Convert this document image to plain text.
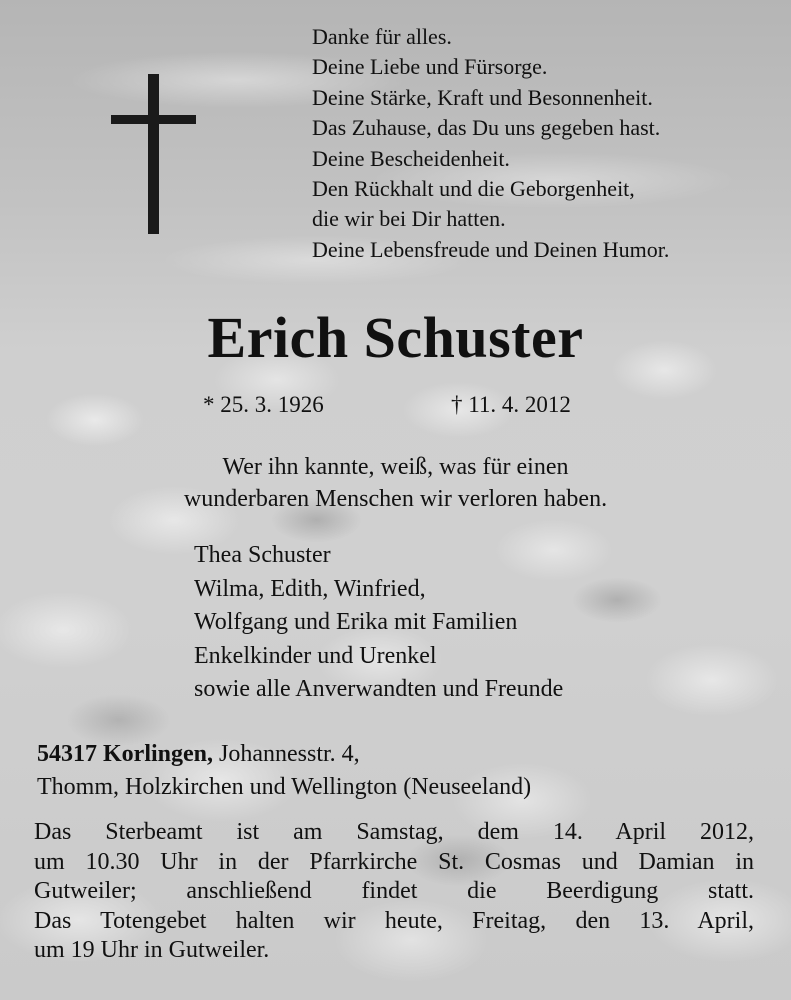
Danke für alles.
Deine Liebe und Fürsorge.
Deine Stärke, Kraft und Besonnenheit.
Das Zuhause, das Du uns gegeben hast.
Deine Bescheidenheit.
Den Rückhalt und die Geborgenheit,
die wir bei Dir hatten.
Deine Lebensfreude und Deinen Humor.
Erich Schuster
* 25. 3. 1926	† 11. 4. 2012
Wer ihn kannte, weiß, was für einen
wunderbaren Menschen wir verloren haben.
Thea Schuster
Wilma, Edith, Winfried,
Wolfgang und Erika mit Familien
Enkelkinder und Urenkel
sowie alle Anverwandten und Freunde
54317 Korlingen, Johannesstr. 4,
Thomm, Holzkirchen und Wellington (Neuseeland)
Das Sterbeamt ist am Samstag, dem 14. April 2012,
um 10.30 Uhr in der Pfarrkirche St. Cosmas und Damian in
Gutweiler; anschließend findet die Beerdigung statt.
Das Totengebet halten wir heute, Freitag, den 13. April,
um 19 Uhr in Gutweiler.
